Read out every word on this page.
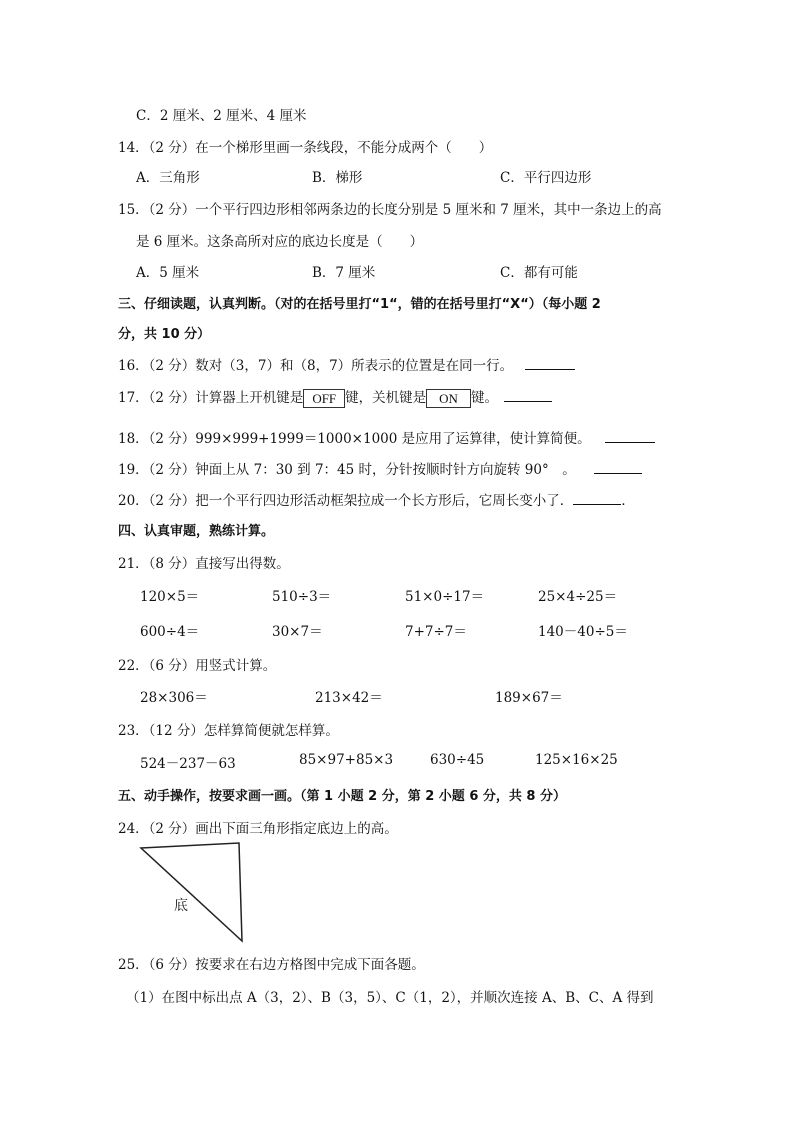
C．2 厘米、2 厘米、4 厘米
14．（2 分）在一个梯形里画一条线段，不能分成两个（　　）
A．三角形	B．梯形	C．平行四边形
15．（2 分）一个平行四边形相邻两条边的长度分别是 5 厘米和 7 厘米，其中一条边上的高
是 6 厘米。这条高所对应的底边长度是（　　）
A．5 厘米	B．7 厘米	C．都有可能
三、仔细读题，认真判断。（对的在括号里打“1“，错的在括号里打“X“）（每小题 2
分，共 10 分）
16．（2 分）数对（3，7）和（8，7）所表示的位置是在同一行。
17．（2 分）计算器上开机键是 OFF 键，关机键是 ON 键。
18．（2 分）999×999+1999＝1000×1000 是应用了运算律，使计算简便。
19．（2 分）钟面上从 7：30 到 7：45 时，分针按顺时针方向旋转 90°　。
20．（2 分）把一个平行四边形活动框架拉成一个长方形后，它周长变小了．	．
四、认真审题，熟练计算。
21．（8 分）直接写出得数。
120×5＝	510÷3＝	51×0÷17＝	25×4÷25＝
600÷4＝	30×7＝	7+7÷7＝	140－40÷5＝
22．（6 分）用竖式计算。
28×306＝	213×42＝	189×67＝
23．（12 分）怎样算简便就怎样算。
524－237－63	85×97+85×3	630÷45	125×16×25
五、动手操作，按要求画一画。（第 1 小题 2 分，第 2 小题 6 分，共 8 分）
24．（2 分）画出下面三角形指定底边上的高。
底
25．（6 分）按要求在右边方格图中完成下面各题。
（1）在图中标出点 A（3，2）、B（3，5）、C（1，2），并顺次连接 A、B、C、A 得到
